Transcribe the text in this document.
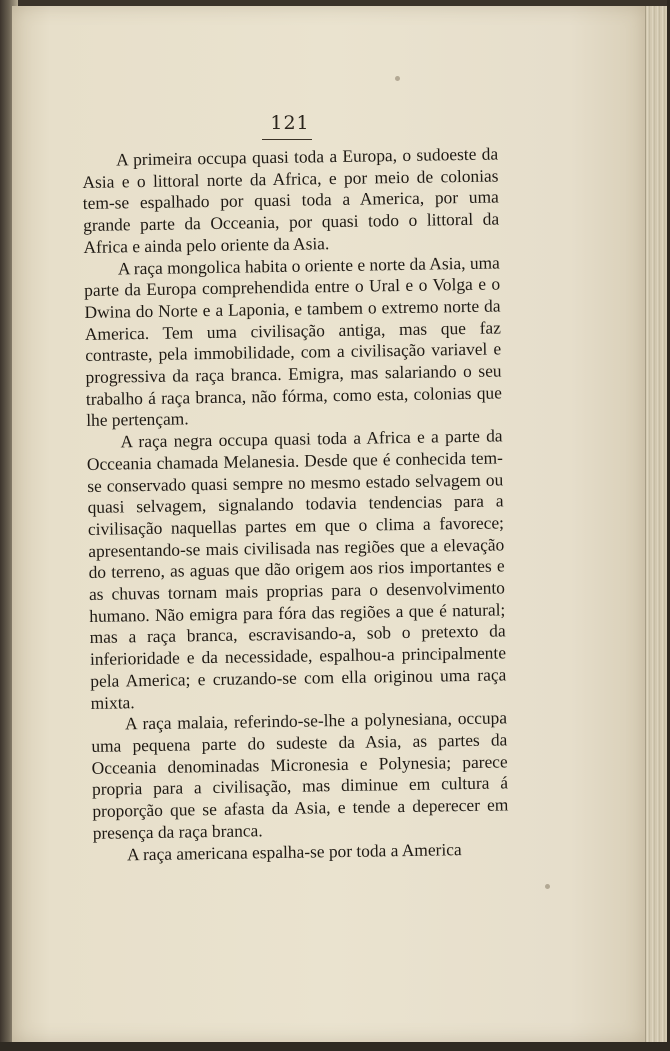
121

A primeira occupa quasi toda a Europa, o sudoeste da Asia e o littoral norte da Africa, e por meio de colonias tem-se espalhado por quasi toda a America, por uma grande parte da Occeania, por quasi todo o littoral da Africa e ainda pelo oriente da Asia.

A raça mongolica habita o oriente e norte da Asia, uma parte da Europa comprehendida entre o Ural e o Volga e o Dwina do Norte e a Laponia, e tambem o extremo norte da America. Tem uma civilisação antiga, mas que faz contraste, pela immobilidade, com a civilisação variavel e progressiva da raça branca. Emigra, mas salariando o seu trabalho á raça branca, não fórma, como esta, colonias que lhe pertençam.

A raça negra occupa quasi toda a Africa e a parte da Occeania chamada Melanesia. Desde que é conhecida tem-se conservado quasi sempre no mesmo estado selvagem ou quasi selvagem, signalando todavia tendencias para a civilisação naquellas partes em que o clima a favorece; apresentando-se mais civilisada nas regiões que a elevação do terreno, as aguas que dão origem aos rios importantes e as chuvas tornam mais proprias para o desenvolvimento humano. Não emigra para fóra das regiões a que é natural; mas a raça branca, escravisando-a, sob o pretexto da inferioridade e da necessidade, espalhou-a principalmente pela America; e cruzando-se com ella originou uma raça mixta.

A raça malaia, referindo-se-lhe a polynesiana, occupa uma pequena parte do sudeste da Asia, as partes da Occeania denominadas Micronesia e Polynesia; parece propria para a civilisação, mas diminue em cultura á proporção que se afasta da Asia, e tende a deperecer em presença da raça branca.

A raça americana espalha-se por toda a America
